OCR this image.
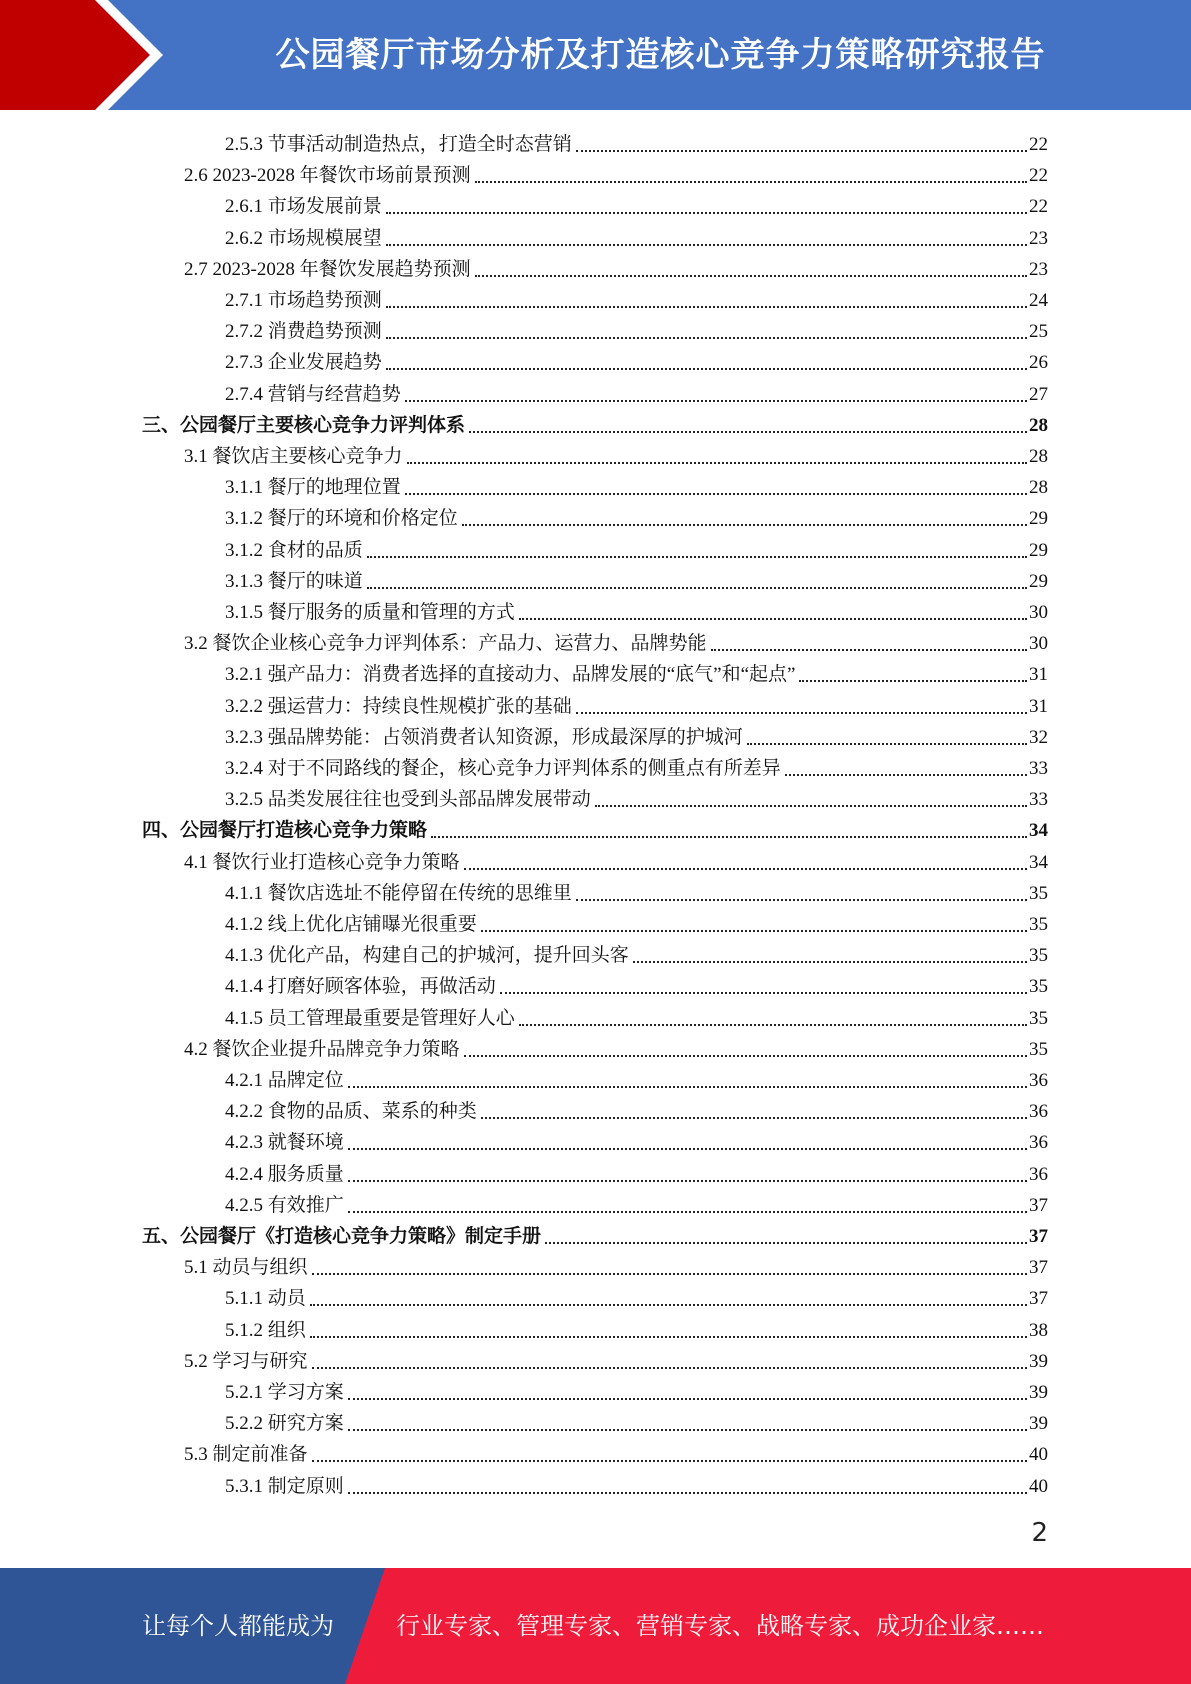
公园餐厅市场分析及打造核心竞争力策略研究报告
2.5.3 节事活动制造热点，打造全时态营销	22
2.6 2023-2028 年餐饮市场前景预测	22
2.6.1 市场发展前景	22
2.6.2 市场规模展望	23
2.7 2023-2028 年餐饮发展趋势预测	23
2.7.1 市场趋势预测	24
2.7.2 消费趋势预测	25
2.7.3 企业发展趋势	26
2.7.4 营销与经营趋势	27
三、公园餐厅主要核心竞争力评判体系	28
3.1 餐饮店主要核心竞争力	28
3.1.1 餐厅的地理位置	28
3.1.2 餐厅的环境和价格定位	29
3.1.2 食材的品质	29
3.1.3 餐厅的味道	29
3.1.5 餐厅服务的质量和管理的方式	30
3.2 餐饮企业核心竞争力评判体系：产品力、运营力、品牌势能	30
3.2.1 强产品力：消费者选择的直接动力、品牌发展的“底气”和“起点”	31
3.2.2 强运营力：持续良性规模扩张的基础	31
3.2.3 强品牌势能：占领消费者认知资源，形成最深厚的护城河	32
3.2.4 对于不同路线的餐企，核心竞争力评判体系的侧重点有所差异	33
3.2.5 品类发展往往也受到头部品牌发展带动	33
四、公园餐厅打造核心竞争力策略	34
4.1 餐饮行业打造核心竞争力策略	34
4.1.1 餐饮店选址不能停留在传统的思维里	35
4.1.2 线上优化店铺曝光很重要	35
4.1.3 优化产品，构建自己的护城河，提升回头客	35
4.1.4 打磨好顾客体验，再做活动	35
4.1.5 员工管理最重要是管理好人心	35
4.2 餐饮企业提升品牌竞争力策略	35
4.2.1 品牌定位	36
4.2.2 食物的品质、菜系的种类	36
4.2.3 就餐环境	36
4.2.4 服务质量	36
4.2.5 有效推广	37
五、公园餐厅《打造核心竞争力策略》制定手册	37
5.1 动员与组织	37
5.1.1 动员	37
5.1.2 组织	38
5.2 学习与研究	39
5.2.1 学习方案	39
5.2.2 研究方案	39
5.3 制定前准备	40
5.3.1 制定原则	40
2
让每个人都能成为	行业专家、管理专家、营销专家、战略专家、成功企业家……
